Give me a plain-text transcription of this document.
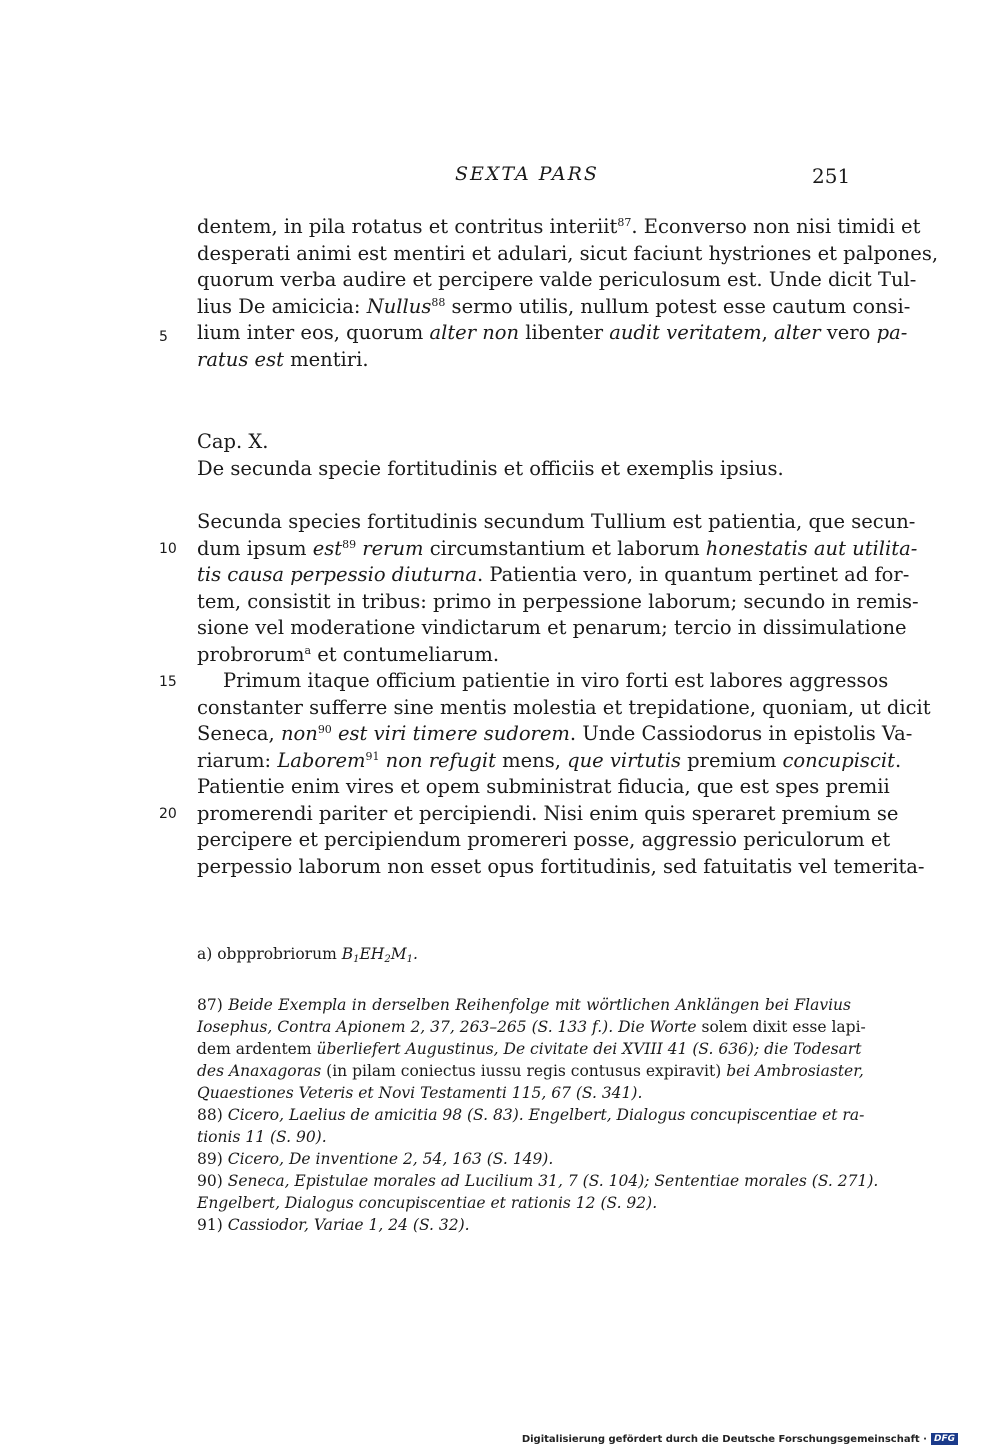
SEXTA PARS	251
5
10
15
20
dentem, in pila rotatus et contritus interiit$^{87}$. Econverso non nisi timidi et
desperati animi est mentiri et adulari, sicut faciunt hystriones et palpones,
quorum verba audire et percipere valde periculosum est. Unde dicit Tul-
lius De amicicia: Nullus$^{88}$ sermo utilis, nullum potest esse cautum consi-
lium inter eos, quorum alter non libenter audit veritatem, alter vero pa-
ratus est mentiri.
Cap. X.
De secunda specie fortitudinis et officiis et exemplis ipsius.
Secunda species fortitudinis secundum Tullium est patientia, que secun-
dum ipsum est$^{89}$ rerum circumstantium et laborum honestatis aut utilita-
tis causa perpessio diuturna. Patientia vero, in quantum pertinet ad for-
tem, consistit in tribus: primo in perpessione laborum; secundo in remis-
sione vel moderatione vindictarum et penarum; tercio in dissimulatione
probrorum$^a$ et contumeliarum.
Primum itaque officium patientie in viro forti est labores aggressos
constanter sufferre sine mentis molestia et trepidatione, quoniam, ut dicit
Seneca, non$^{90}$ est viri timere sudorem. Unde Cassiodorus in epistolis Va-
riarum: Laborem$^{91}$ non refugit mens, que virtutis premium concupiscit.
Patientie enim vires et opem subministrat fiducia, que est spes premii
promerendi pariter et percipiendi. Nisi enim quis speraret premium se
percipere et percipiendum promereri posse, aggressio periculorum et
perpessio laborum non esset opus fortitudinis, sed fatuitatis vel temerita-
a) obpprobriorum $B_1EH_2M_1$.
87) Beide Exempla in derselben Reihenfolge mit wörtlichen Anklängen bei Flavius
Iosephus, Contra Apionem 2, 37, 263–265 (S. 133 f.). Die Worte solem dixit esse lapi-
dem ardentem überliefert Augustinus, De civitate dei XVIII 41 (S. 636); die Todesart
des Anaxagoras (in pilam coniectus iussu regis contusus expiravit) bei Ambrosiaster,
Quaestiones Veteris et Novi Testamenti 115, 67 (S. 341).
88) Cicero, Laelius de amicitia 98 (S. 83). Engelbert, Dialogus concupiscentiae et ra-
tionis 11 (S. 90).
89) Cicero, De inventione 2, 54, 163 (S. 149).
90) Seneca, Epistulae morales ad Lucilium 31, 7 (S. 104); Sententiae morales (S. 271).
Engelbert, Dialogus concupiscentiae et rationis 12 (S. 92).
91) Cassiodor, Variae 1, 24 (S. 32).
Digitalisierung gefördert durch die Deutsche Forschungsgemeinschaft · DFG
